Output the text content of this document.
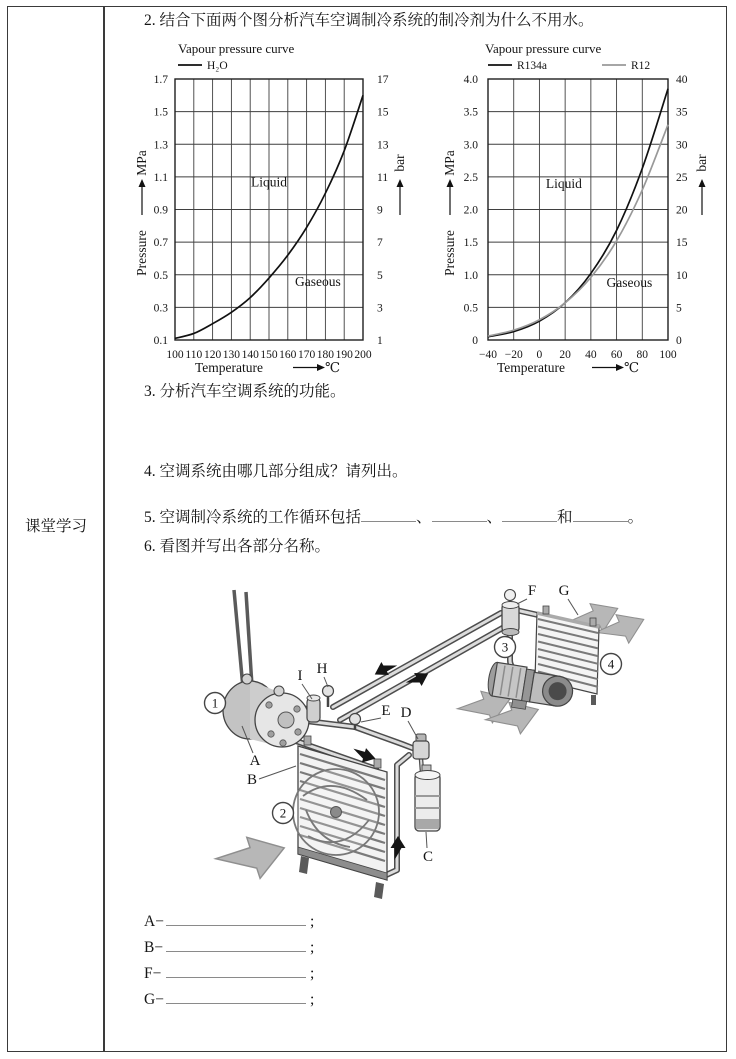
课堂学习
2. 结合下面两个图分析汽车空调制冷系统的制冷剂为什么不用水。
100 110 120 130 140 150 160 170 180 190 200
0.1	1
0.3	3
0.5	5
0.7	7
0.9	9
1.1	11
1.3	13
1.5	15
1.7	17
Liquid
Gaseous
Vapour pressure curve
H₂O
Pressure
MPa	bar
Temperature	℃
−40 −20 0 20 40 60 80 100
0	0
0.5	5
1.0	10
1.5	15
2.0	20
2.5	25
3.0	30
3.5	35
4.0	40
Liquid
Gaseous
Vapour pressure curve
R134a	R12
Pressure
MPa	bar
Temperature	℃
3. 分析汽车空调系统的功能。
4. 空调系统由哪几部分组成？请列出。
5. 空调制冷系统的工作循环包括	、	、	和	。
6. 看图并写出各部分名称。
A
B
C
D
E
F G
H
I
1
2
3
4
A−	;
B−	;
F−	;
G−	;
